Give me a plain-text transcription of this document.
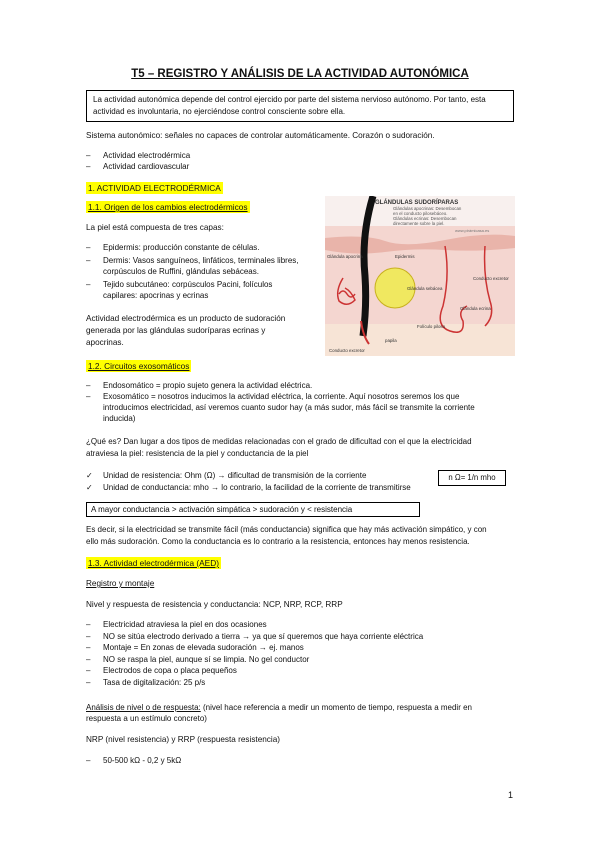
T5 – REGISTRO Y ANÁLISIS DE LA ACTIVIDAD AUTONÓMICA
La actividad autonómica depende del control ejercido por parte del sistema nervioso autónomo. Por tanto, esta actividad es involuntaria, no ejerciéndose control consciente sobre ella.
Sistema autonómico: señales no capaces de controlar automáticamente. Corazón o sudoración.
– Actividad electrodérmica
– Actividad cardiovascular
1. ACTIVIDAD ELECTRODÉRMICA
1.1. Origen de los cambios electrodérmicos
La piel está compuesta de tres capas:
– Epidermis: producción constante de células.
– Dermis: Vasos sanguíneos, linfáticos, terminales libres,
corpúsculos de Ruffini, glándulas sebáceas.
– Tejido subcutáneo: corpúsculos Pacini, folículos
capilares: apocrinas y ecrinas
Actividad electrodérmica es un producto de sudoración
generada por las glándulas sudoríparas ecrinas y
apocrinas.
GLÁNDULAS SUDORÍPARAS
Glándulas apocrinas: Desembocan
en el conducto pilosebáceo.
Glándulas ecrinas: Desembocan
directamente sobre la piel.
www.pirámicasa.es
Glándula apocrina	Epidermis
Glándula sebácea
Conducto excretor
Glándula ecrina
Folículo piloso
papila
Conducto excretor
1.2. Circuitos exosomáticos
– Endosomático = propio sujeto genera la actividad eléctrica.
– Exosomático = nosotros inducimos la actividad eléctrica, la corriente. Aquí nosotros seremos los que
introducimos electricidad, así veremos cuanto sudor hay (a más sudor, más fácil se transmite la corriente
inducida)
¿Qué es? Dan lugar a dos tipos de medidas relacionadas con el grado de dificultad con el que la electricidad
atraviesa la piel: resistencia de la piel y conductancia de la piel
✓ Unidad de resistencia: Ohm (Ω) → dificultad de transmisión de la corriente
✓ Unidad de conductancia: mho → lo contrario, la facilidad de la corriente de transmitirse
n Ω= 1/n mho
A mayor conductancia > activación simpática > sudoración y < resistencia
Es decir, si la electricidad se transmite fácil (más conductancia) significa que hay más activación simpático, y con
ello más sudoración. Como la conductancia es lo contrario a la resistencia, entonces hay menos resistencia.
1.3. Actividad electrodérmica (AED)
Registro y montaje
Nivel y respuesta de resistencia y conductancia: NCP, NRP, RCP, RRP
– Electricidad atraviesa la piel en dos ocasiones
– NO se sitúa electrodo derivado a tierra → ya que sí queremos que haya corriente eléctrica
– Montaje = En zonas de elevada sudoración → ej. manos
– NO se raspa la piel, aunque sí se limpia. No gel conductor
– Electrodos de copa o placa pequeños
– Tasa de digitalización: 25 p/s
Análisis de nivel o de respuesta: (nivel hace referencia a medir un momento de tiempo, respuesta a medir en
respuesta a un estímulo concreto)
NRP (nivel resistencia) y RRP (respuesta resistencia)
– 50-500 kΩ - 0,2 y 5kΩ
1
